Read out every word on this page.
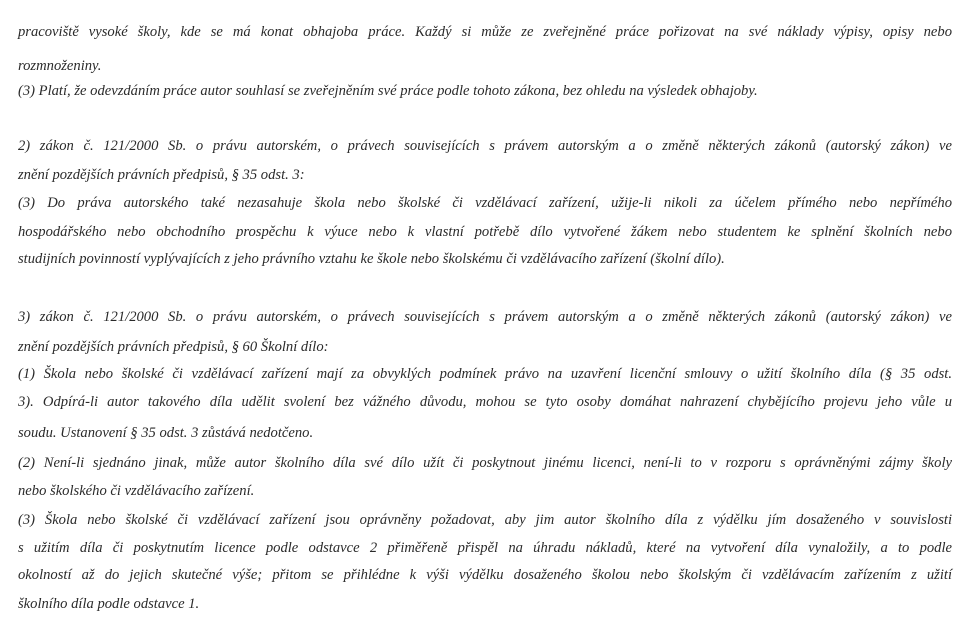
pracoviště vysoké školy, kde se má konat obhajoba práce. Každý si může ze zveřejněné práce pořizovat na své náklady výpisy, opisy nebo
rozmnoženiny.
(3) Platí, že odevzdáním práce autor souhlasí se zveřejněním své práce podle tohoto zákona, bez ohledu na výsledek obhajoby.
2) zákon č. 121/2000 Sb. o právu autorském, o právech souvisejících s právem autorským a o změně některých zákonů (autorský zákon) ve
znění pozdějších právních předpisů, § 35 odst. 3:
(3) Do práva autorského také nezasahuje škola nebo školské či vzdělávací zařízení, užije-li nikoli za účelem přímého nebo nepřímého
hospodářského nebo obchodního prospěchu k výuce nebo k vlastní potřebě dílo vytvořené žákem nebo studentem ke splnění školních nebo
studijních povinností vyplývajících z jeho právního vztahu ke škole nebo školskému či vzdělávacího zařízení (školní dílo).
3) zákon č. 121/2000 Sb. o právu autorském, o právech souvisejících s právem autorským a o změně některých zákonů (autorský zákon) ve
znění pozdějších právních předpisů, § 60 Školní dílo:
(1) Škola nebo školské či vzdělávací zařízení mají za obvyklých podmínek právo na uzavření licenční smlouvy o užití školního díla (§ 35 odst.
3). Odpírá-li autor takového díla udělit svolení bez vážného důvodu, mohou se tyto osoby domáhat nahrazení chybějícího projevu jeho vůle u
soudu. Ustanovení § 35 odst. 3 zůstává nedotčeno.
(2) Není-li sjednáno jinak, může autor školního díla své dílo užít či poskytnout jinému licenci, není-li to v rozporu s oprávněnými zájmy školy
nebo školského či vzdělávacího zařízení.
(3) Škola nebo školské či vzdělávací zařízení jsou oprávněny požadovat, aby jim autor školního díla z výdělku jím dosaženého v souvislosti
s užitím díla či poskytnutím licence podle odstavce 2 přiměřeně přispěl na úhradu nákladů, které na vytvoření díla vynaložily, a to podle
okolností až do jejich skutečné výše; přitom se přihlédne k výši výdělku dosaženého školou nebo školským či vzdělávacím zařízením z užití
školního díla podle odstavce 1.
